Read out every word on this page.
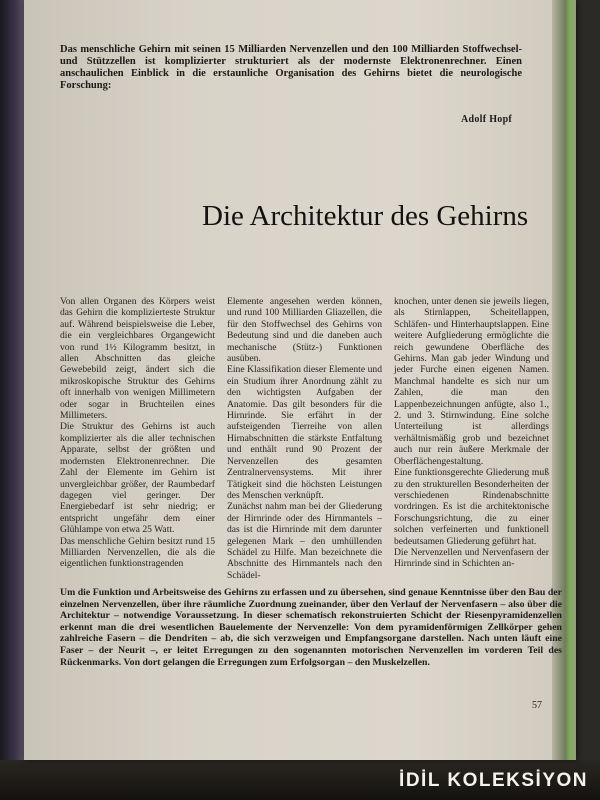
Das menschliche Gehirn mit seinen 15 Milliarden Nervenzellen und den 100 Milliarden Stoffwechsel- und Stützzellen ist komplizierter strukturiert als der modernste Elektronenrechner. Einen anschaulichen Einblick in die erstaunliche Organisation des Gehirns bietet die neurologische Forschung:
Adolf Hopf
Die Architektur des Gehirns

Von allen Organen des Körpers weist das Gehirn die komplizierteste Struktur auf. Während beispielsweise die Leber, die ein vergleichbares Organgewicht von rund 1½ Kilogramm besitzt, in allen Abschnitten das gleiche Gewebebild zeigt, ändert sich die mikroskopische Struktur des Gehirns oft innerhalb von wenigen Millimetern oder sogar in Bruchteilen eines Millimeters.

Die Struktur des Gehirns ist auch komplizierter als die aller technischen Apparate, selbst der größten und modernsten Elektronenrechner. Die Zahl der Elemente im Gehirn ist unvergleichbar größer, der Raumbedarf dagegen viel geringer. Der Energiebedarf ist sehr niedrig; er entspricht ungefähr dem einer Glühlampe von etwa 25 Watt.

Das menschliche Gehirn besitzt rund 15 Milliarden Nervenzellen, die als die eigentlichen funktionstragenden

Elemente angesehen werden können, und rund 100 Milliarden Gliazellen, die für den Stoffwechsel des Gehirns von Bedeutung sind und die daneben auch mechanische (Stütz-) Funktionen ausüben.

Eine Klassifikation dieser Elemente und ein Studium ihrer Anordnung zählt zu den wichtigsten Aufgaben der Anatomie. Das gilt besonders für die Hirnrinde. Sie erfährt in der aufsteigenden Tierreihe von allen Hirnabschnitten die stärkste Entfaltung und enthält rund 90 Prozent der Nervenzellen des gesamten Zentralnervensystems. Mit ihrer Tätigkeit sind die höchsten Leistungen des Menschen verknüpft.

Zunächst nahm man bei der Gliederung der Hirnrinde oder des Hirnmantels – das ist die Hirnrinde mit dem darunter gelegenen Mark – den umhüllenden Schädel zu Hilfe. Man bezeichnete die Abschnitte des Hirnmantels nach den Schädel-

knochen, unter denen sie jeweils liegen, als Stirnlappen, Scheitellappen, Schläfen- und Hinterhauptslappen. Eine weitere Aufgliederung ermöglichte die reich gewundene Oberfläche des Gehirns. Man gab jeder Windung und jeder Furche einen eigenen Namen. Manchmal handelte es sich nur um Zahlen, die man den Lappenbezeichnungen anfügte, also 1., 2. und 3. Stirnwindung. Eine solche Unterteilung ist allerdings verhältnismäßig grob und bezeichnet auch nur rein äußere Merkmale der Oberflächengestaltung.

Eine funktionsgerechte Gliederung muß zu den strukturellen Besonderheiten der verschiedenen Rindenabschnitte vordringen. Es ist die architektonische Forschungsrichtung, die zu einer solchen verfeinerten und funktionell bedeutsamen Gliederung geführt hat.

Die Nervenzellen und Nervenfasern der Hirnrinde sind in Schichten an-

Um die Funktion und Arbeitsweise des Gehirns zu erfassen und zu übersehen, sind genaue Kenntnisse über den Bau der einzelnen Nervenzellen, über ihre räumliche Zuordnung zueinander, über den Verlauf der Nervenfasern – also über die Architektur – notwendige Voraussetzung. In dieser schematisch rekonstruierten Schicht der Riesenpyramidenzellen erkennt man die drei wesentlichen Bauelemente der Nervenzelle: Von dem pyramidenförmigen Zellkörper gehen zahlreiche Fasern – die Dendriten – ab, die sich verzweigen und Empfangsorgane darstellen. Nach unten läuft eine Faser – der Neurit –, er leitet Erregungen zu den sogenannten motorischen Nervenzellen im vorderen Teil des Rückenmarks. Von dort gelangen die Erregungen zum Erfolgsorgan – den Muskelzellen.
57
İDİL KOLEKSİYON
